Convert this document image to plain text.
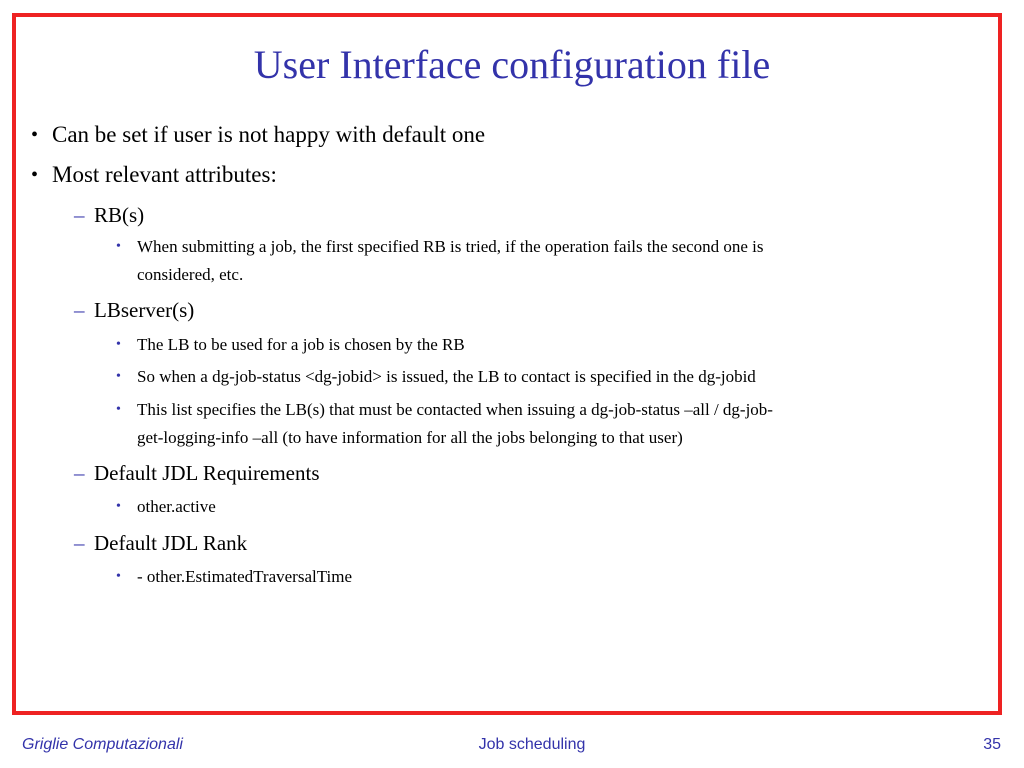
User Interface configuration file
• Can be set if user is not happy with default one
• Most relevant attributes:
– RB(s)
• When submitting a job, the first specified RB is tried, if the operation fails the second one is
considered, etc.
– LBserver(s)
• The LB to be used for a job is chosen by the RB
• So when a dg-job-status <dg-jobid> is issued, the LB to contact is specified in the dg-jobid
• This list specifies the LB(s) that must be contacted when issuing a dg-job-status –all / dg-job-
get-logging-info –all (to have information for all the jobs belonging to that user)
– Default JDL Requirements
• other.active
– Default JDL Rank
• - other.EstimatedTraversalTime
Griglie Computazionali	Job scheduling	35
